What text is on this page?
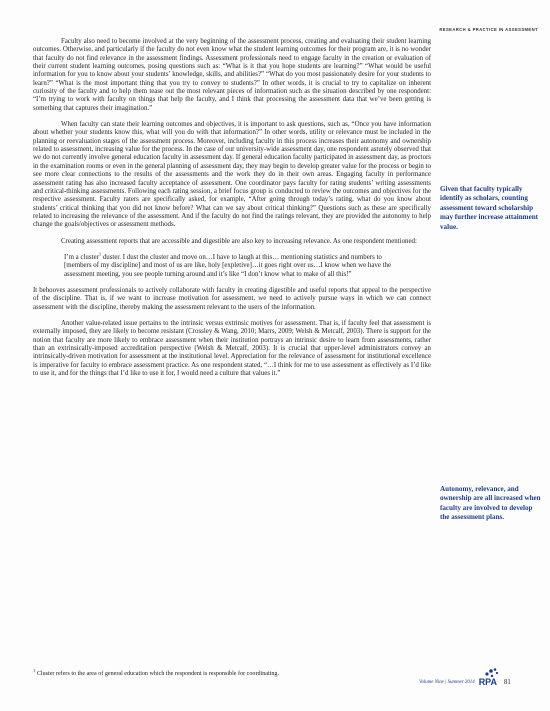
RESEARCH & PRACTICE IN ASSESSMENT

Faculty also need to become involved at the very beginning of the assessment process, creating and evaluating their student learning outcomes. Otherwise, and particularly if the faculty do not even know what the student learning outcomes for their program are, it is no wonder that faculty do not find relevance in the assessment findings. Assessment professionals need to engage faculty in the creation or evaluation of their current student learning outcomes, posing questions such as: “What is it that you hope students are learning?” “What would be useful information for you to know about your students’ knowledge, skills, and abilities?” “What do you most passionately desire for your students to learn?” “What is the most important thing that you try to convey to students?” In other words, it is crucial to try to capitalize on inherent curiosity of the faculty and to help them tease out the most relevant pieces of information such as the situation described by one respondent: “I’m trying to work with faculty on things that help the faculty, and I think that processing the assessment data that we’ve been getting is something that captures their imagination.”

When faculty can state their learning outcomes and objectives, it is important to ask questions, such as, “Once you have information about whether your students know this, what will you do with that information?” In other words, utility or relevance must be included in the planning or reevaluation stages of the assessment process. Moreover, including faculty in this process increases their autonomy and ownership related to assessment, increasing value for the process. In the case of our university-wide assessment day, one respondent astutely observed that we do not currently involve general education faculty in assessment day. If general education faculty participated in assessment day, as proctors in the examination rooms or even in the general planning of assessment day, they may begin to develop greater value for the process or begin to see more clear connections to the results of the assessments and the work they do in their own areas. Engaging faculty in performance assessment rating has also increased faculty acceptance of assessment. One coordinator pays faculty for rating students’ writing assessments and critical-thinking assessments. Following each rating session, a brief focus group is conducted to review the outcomes and objectives for the respective assessment. Faculty raters are specifically asked, for example, “After going through today’s rating, what do you know about students’ critical thinking that you did not know before? What can we say about critical thinking?” Questions such as these are specifically related to increasing the relevance of the assessment. And if the faculty do not find the ratings relevant, they are provided the autonomy to help change the goals/objectives or assessment methods.

Creating assessment reports that are accessible and digestible are also key to increasing relevance. As one respondent mentioned:

I’m a cluster$^1$ duster. I dust the cluster and move on…I have to laugh at this… mentioning statistics and numbers to [members of my discipline] and most of us are like, holy [expletive]…it goes right over us…I know when we have the assessment meeting, you see people turning around and it’s like “I don’t know what to make of all this!”

It behooves assessment professionals to actively collaborate with faculty in creating digestible and useful reports that appeal to the perspective of the discipline. That is, if we want to increase motivation for assessment, we need to actively pursue ways in which we can connect assessment with the discipline, thereby making the assessment relevant to the users of the information.

Another value-related issue pertains to the intrinsic versus extrinsic motives for assessment. That is, if faculty feel that assessment is externally imposed, they are likely to become resistant (Crossley & Wang, 2010; Marrs, 2009; Welsh & Metcalf, 2003). There is support for the notion that faculty are more likely to embrace assessment when their institution portrays an intrinsic desire to learn from assessments, rather than an extrinsically-imposed accreditation perspective (Welsh & Metcalf, 2003). It is crucial that upper-level administrators convey an intrinsically-driven motivation for assessment at the institutional level. Appreciation for the relevance of assessment for institutional excellence is imperative for faculty to embrace assessment practice. As one respondent stated, “…I think for me to use assessment as effectively as I’d like to use it, and for the things that I’d like to use it for, I would need a culture that values it.”

Given that faculty typically identify as scholars, counting assessment toward scholarship may further increase attainment value.
Autonomy, relevance, and ownership are all increased when faculty are involved to develop the assessment plans.
$^1$ Cluster refers to the area of general education which the respondent is responsible for coordinating.
Volume Nine | Summer 2014 RPA 81
